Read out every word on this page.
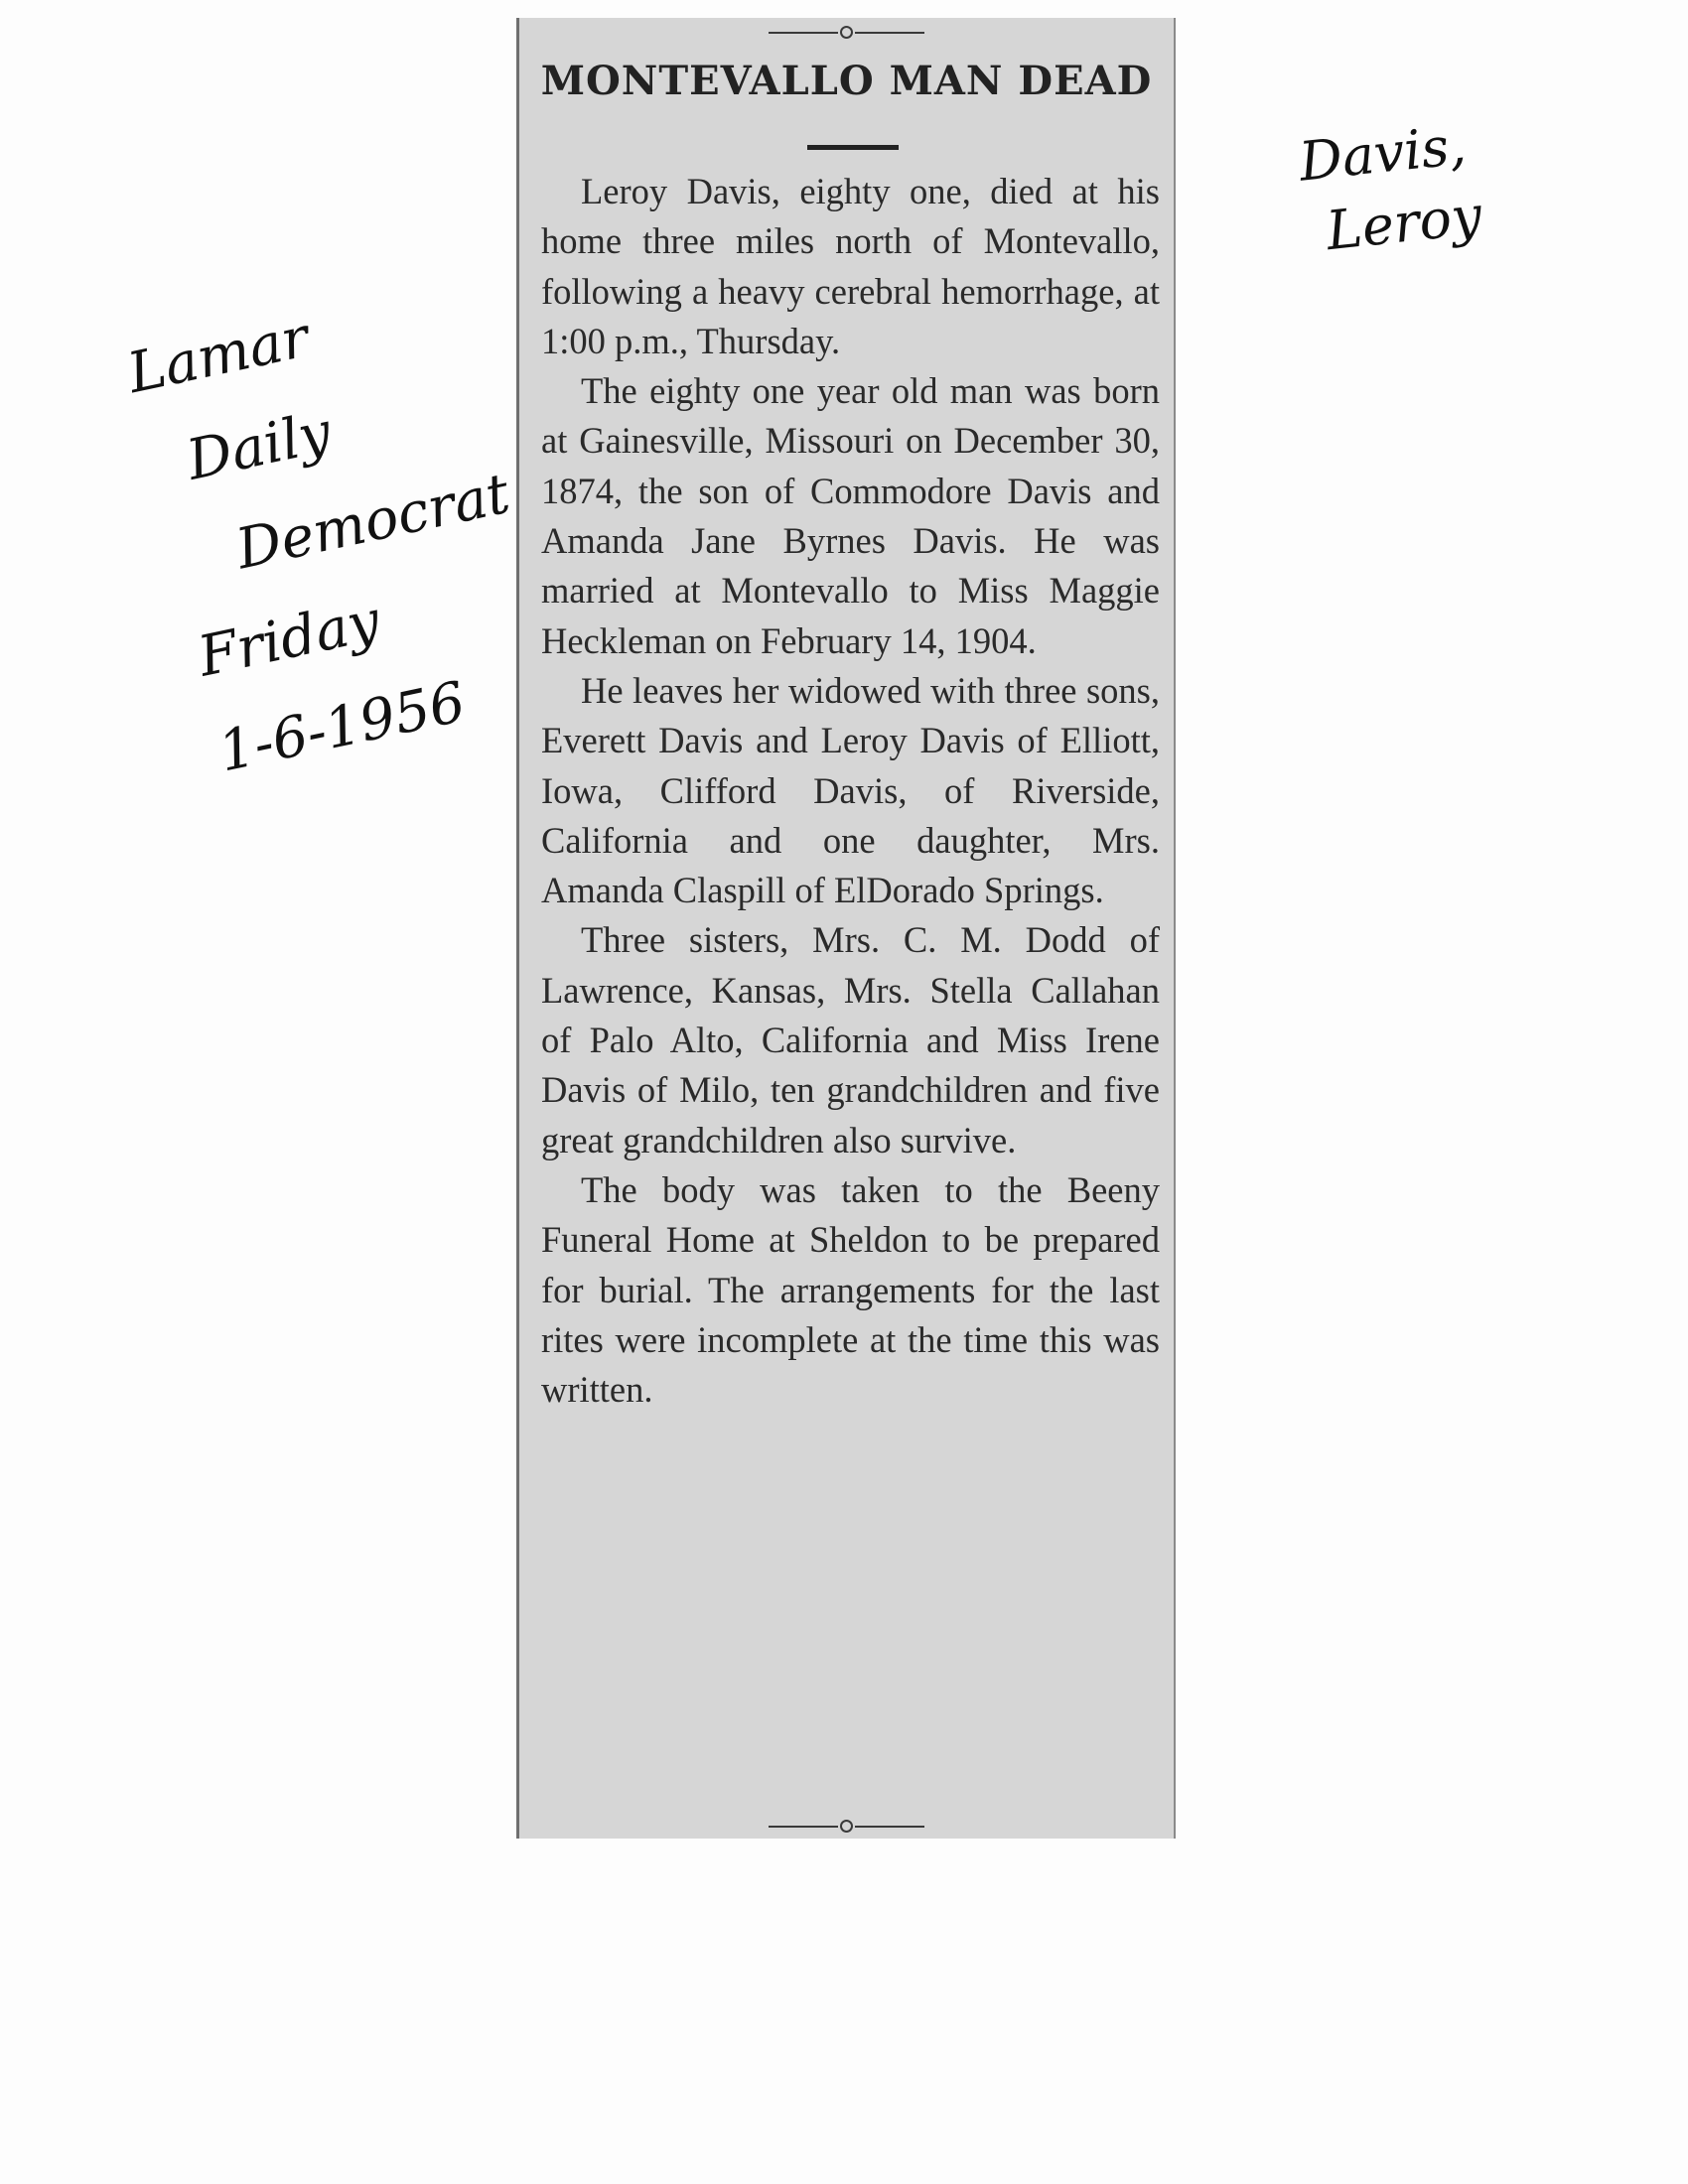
MONTEVALLO MAN DEAD

Leroy Davis, eighty one, died at his home three miles north of Montevallo, following a heavy cerebral hemorrhage, at 1:00 p.m., Thursday.

The eighty one year old man was born at Gainesville, Missouri on December 30, 1874, the son of Commodore Davis and Amanda Jane Byrnes Davis. He was married at Montevallo to Miss Maggie Heckleman on February 14, 1904.

He leaves her widowed with three sons, Everett Davis and Leroy Davis of Elliott, Iowa, Clifford Davis, of Riverside, California and one daughter, Mrs. Amanda Claspill of ElDorado Springs.

Three sisters, Mrs. C. M. Dodd of Lawrence, Kansas, Mrs. Stella Callahan of Palo Alto, California and Miss Irene Davis of Milo, ten grandchildren and five great grandchildren also survive.

The body was taken to the Beeny Funeral Home at Sheldon to be prepared for burial. The arrangements for the last rites were incomplete at the time this was written.

Davis,
Leroy
Lamar
Daily
Democrat
Friday
1-6-1956
